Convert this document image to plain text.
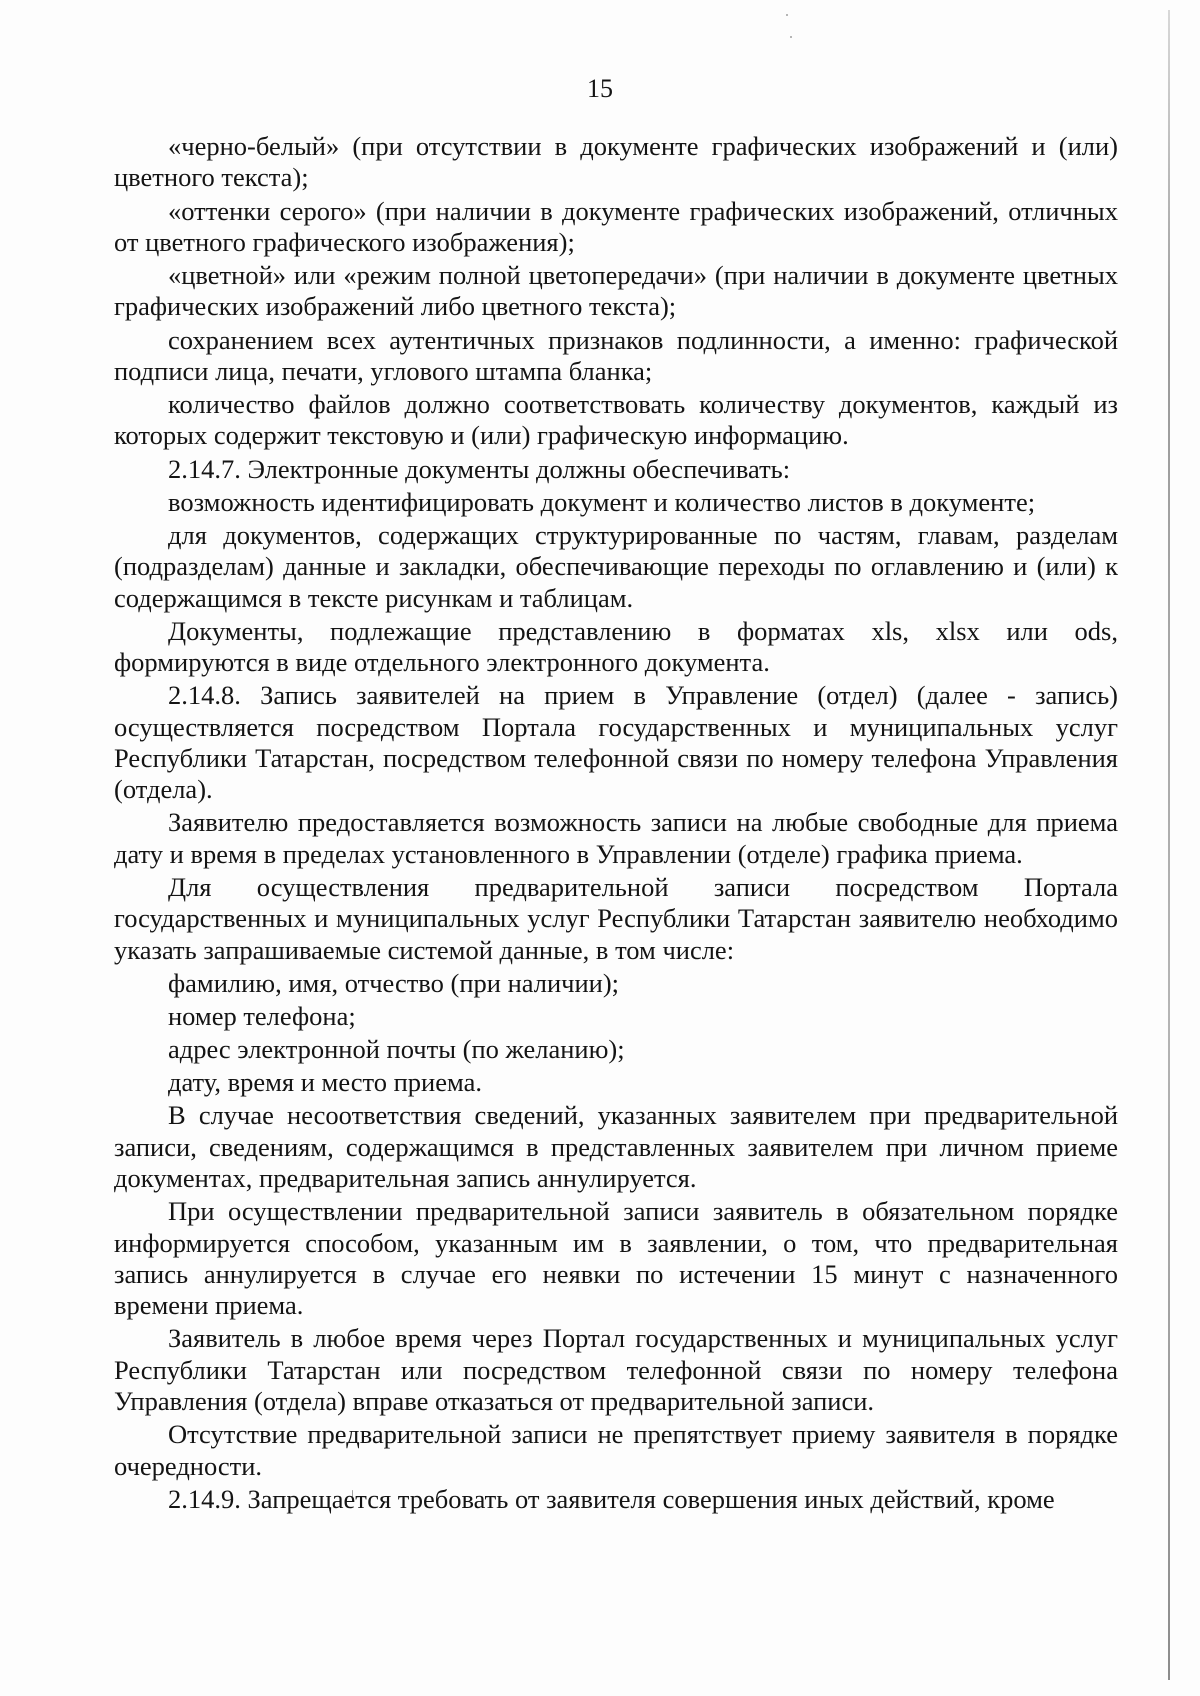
15

«черно-белый» (при отсутствии в документе графических изображений и (или) цветного текста);

«оттенки серого» (при наличии в документе графических изображений, отличных от цветного графического изображения);

«цветной» или «режим полной цветопередачи» (при наличии в документе цветных графических изображений либо цветного текста);

сохранением всех аутентичных признаков подлинности, а именно: графической подписи лица, печати, углового штампа бланка;

количество файлов должно соответствовать количеству документов, каждый из которых содержит текстовую и (или) графическую информацию.

2.14.7. Электронные документы должны обеспечивать:

возможность идентифицировать документ и количество листов в документе;

для документов, содержащих структурированные по частям, главам, разделам (подразделам) данные и закладки, обеспечивающие переходы по оглавлению и (или) к содержащимся в тексте рисункам и таблицам.

Документы, подлежащие представлению в форматах xls, xlsx или ods, формируются в виде отдельного электронного документа.

2.14.8. Запись заявителей на прием в Управление (отдел) (далее - запись) осуществляется посредством Портала государственных и муниципальных услуг Республики Татарстан, посредством телефонной связи по номеру телефона Управления (отдела).

Заявителю предоставляется возможность записи на любые свободные для приема дату и время в пределах установленного в Управлении (отделе) графика приема.

Для осуществления предварительной записи посредством Портала государственных и муниципальных услуг Республики Татарстан заявителю необходимо указать запрашиваемые системой данные, в том числе:

фамилию, имя, отчество (при наличии);

номер телефона;

адрес электронной почты (по желанию);

дату, время и место приема.

В случае несоответствия сведений, указанных заявителем при предварительной записи, сведениям, содержащимся в представленных заявителем при личном приеме документах, предварительная запись аннулируется.

При осуществлении предварительной записи заявитель в обязательном порядке информируется способом, указанным им в заявлении, о том, что предварительная запись аннулируется в случае его неявки по истечении 15 минут с назначенного времени приема.

Заявитель в любое время через Портал государственных и муниципальных услуг Республики Татарстан или посредством телефонной связи по номеру телефона Управления (отдела) вправе отказаться от предварительной записи.

Отсутствие предварительной записи не препятствует приему заявителя в порядке очередности.

2.14.9. Запрещается требовать от заявителя совершения иных действий, кроме
